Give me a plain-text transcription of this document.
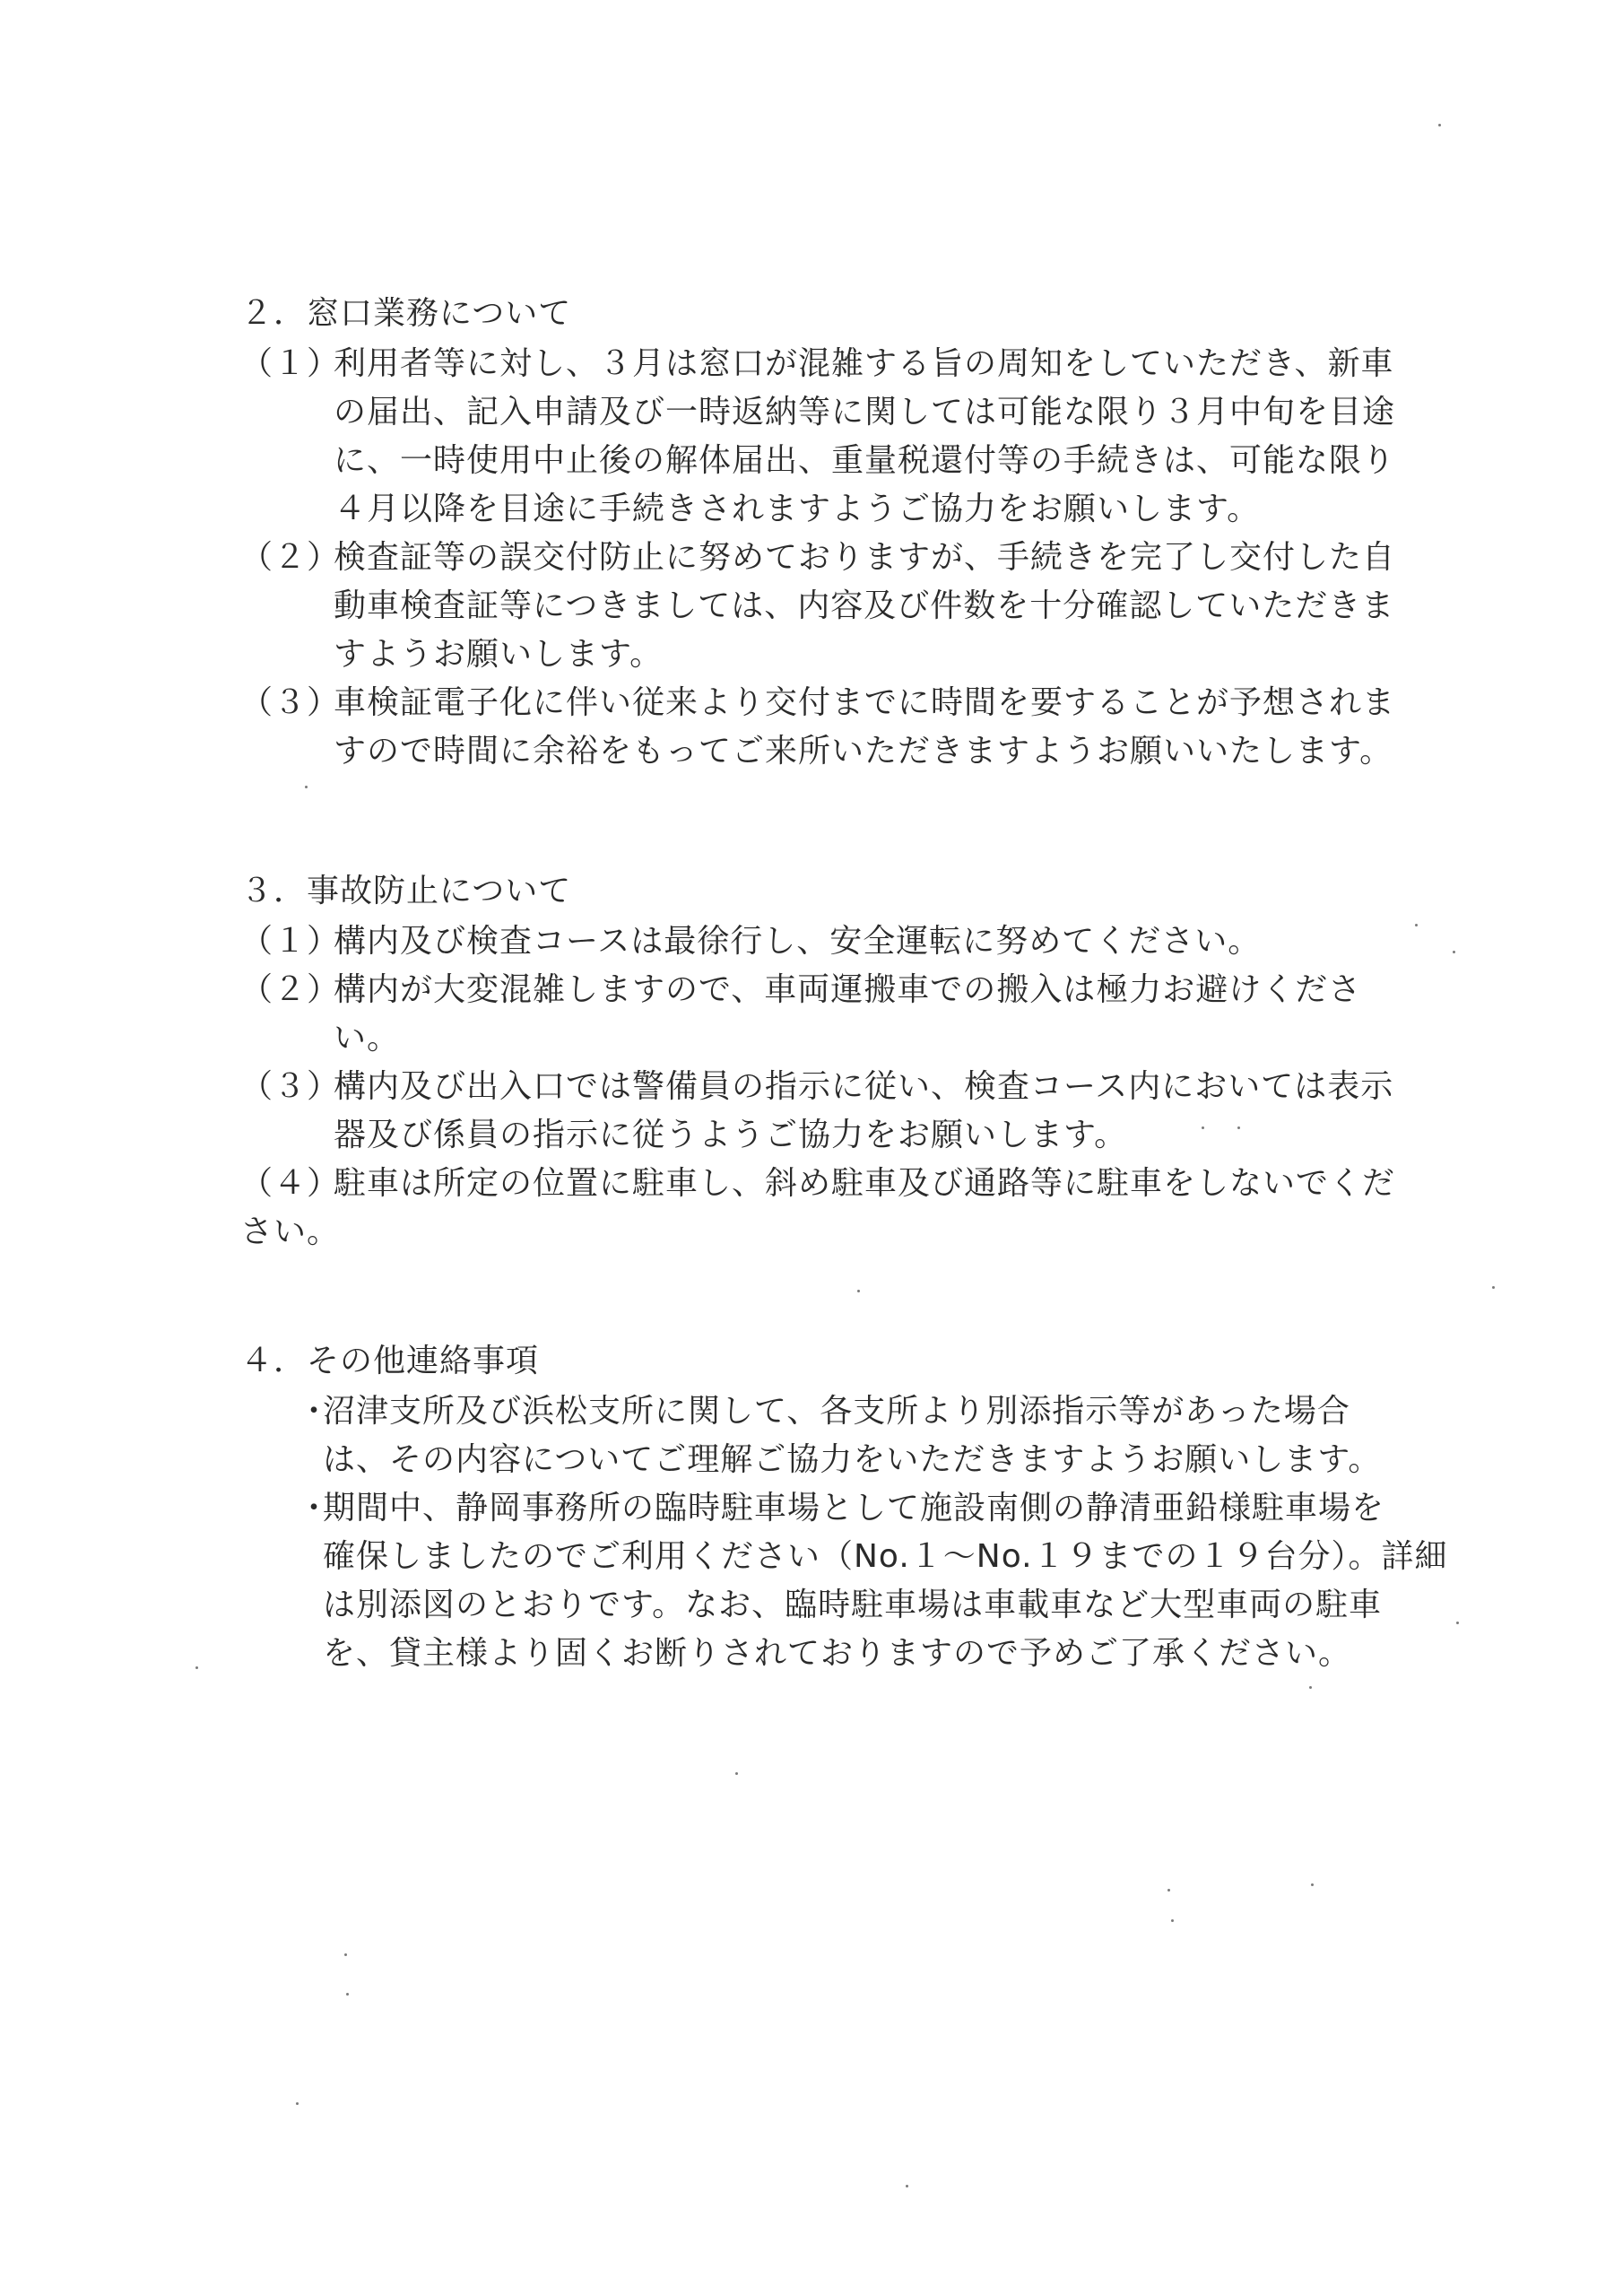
２．窓口業務について
（１）
利用者等に対し、３月は窓口が混雑する旨の周知をしていただき、新車
の届出、記入申請及び一時返納等に関しては可能な限り３月中旬を目途
に、一時使用中止後の解体届出、重量税還付等の手続きは、可能な限り
４月以降を目途に手続きされますようご協力をお願いします。
（２）
検査証等の誤交付防止に努めておりますが、手続きを完了し交付した自
動車検査証等につきましては、内容及び件数を十分確認していただきま
すようお願いします。
（３）
車検証電子化に伴い従来より交付までに時間を要することが予想されま
すので時間に余裕をもってご来所いただきますようお願いいたします。
３．事故防止について
（１）
構内及び検査コースは最徐行し、安全運転に努めてください。
（２）
構内が大変混雑しますので、車両運搬車での搬入は極力お避けくださ
い。
（３）
構内及び出入口では警備員の指示に従い、検査コース内においては表示
器及び係員の指示に従うようご協力をお願いします。
（４）
駐車は所定の位置に駐車し、斜め駐車及び通路等に駐車をしないでくだ
さい。
４．その他連絡事項
・
沼津支所及び浜松支所に関して、各支所より別添指示等があった場合
は、その内容についてご理解ご協力をいただきますようお願いします。
・
期間中、静岡事務所の臨時駐車場として施設南側の静清亜鉛様駐車場を
確保しましたのでご利用ください（No.１～No.１９までの１９台分）。詳細
は別添図のとおりです。なお、臨時駐車場は車載車など大型車両の駐車
を、貸主様より固くお断りされておりますので予めご了承ください。
